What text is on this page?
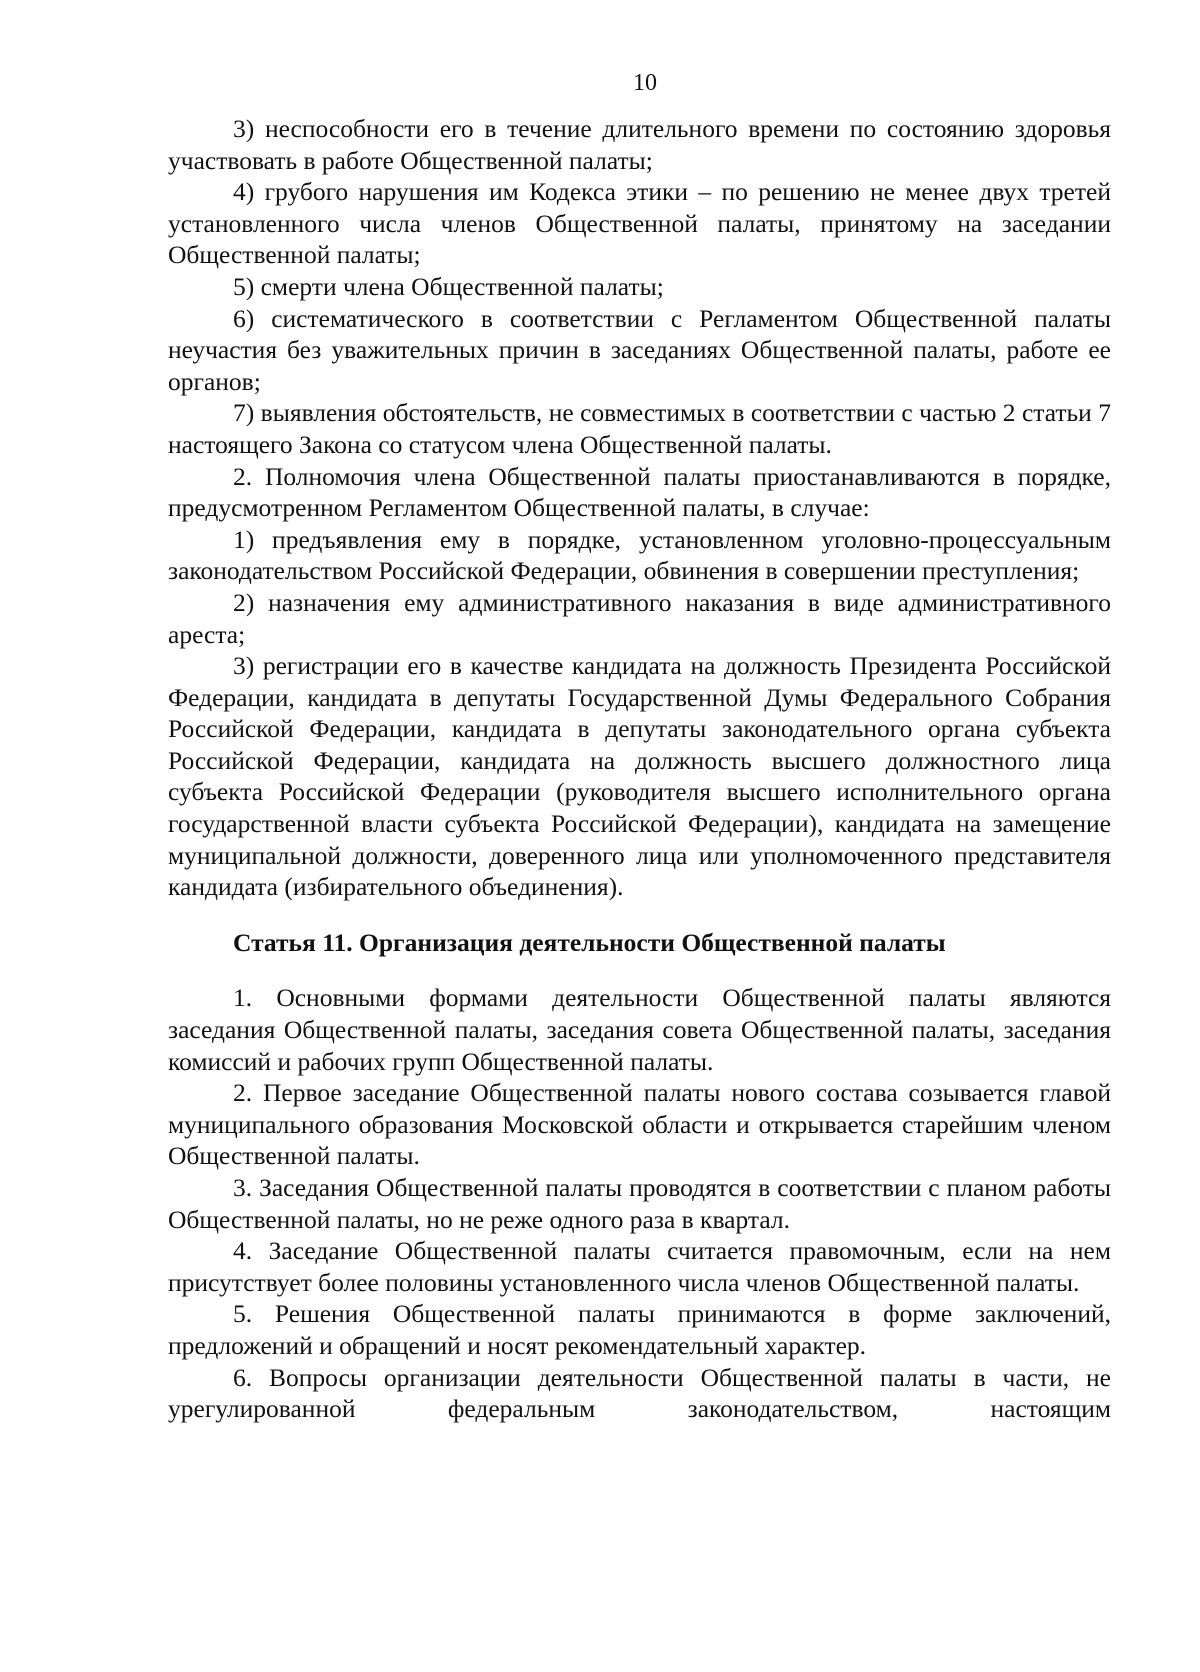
10

3) неспособности его в течение длительного времени по состоянию здоровья участвовать в работе Общественной палаты;

4) грубого нарушения им Кодекса этики – по решению не менее двух третей установленного числа членов Общественной палаты, принятому на заседании Общественной палаты;

5) смерти члена Общественной палаты;

6) систематического в соответствии с Регламентом Общественной палаты неучастия без уважительных причин в заседаниях Общественной палаты, работе ее органов;

7) выявления обстоятельств, не совместимых в соответствии с частью 2 статьи 7 настоящего Закона со статусом члена Общественной палаты.

2. Полномочия члена Общественной палаты приостанавливаются в порядке, предусмотренном Регламентом Общественной палаты, в случае:

1) предъявления ему в порядке, установленном уголовно-процессуальным законодательством Российской Федерации, обвинения в совершении преступления;

2) назначения ему административного наказания в виде административного ареста;

3) регистрации его в качестве кандидата на должность Президента Российской Федерации, кандидата в депутаты Государственной Думы Федерального Собрания Российской Федерации, кандидата в депутаты законодательного органа субъекта Российской Федерации, кандидата на должность высшего должностного лица субъекта Российской Федерации (руководителя высшего исполнительного органа государственной власти субъекта Российской Федерации), кандидата на замещение муниципальной должности, доверенного лица или уполномоченного представителя кандидата (избирательного объединения).

Статья 11. Организация деятельности Общественной палаты

1. Основными формами деятельности Общественной палаты являются заседания Общественной палаты, заседания совета Общественной палаты, заседания комиссий и рабочих групп Общественной палаты.

2. Первое заседание Общественной палаты нового состава созывается главой муниципального образования Московской области и открывается старейшим членом Общественной палаты.

3. Заседания Общественной палаты проводятся в соответствии с планом работы Общественной палаты, но не реже одного раза в квартал.

4. Заседание Общественной палаты считается правомочным, если на нем присутствует более половины установленного числа членов Общественной палаты.

5. Решения Общественной палаты принимаются в форме заключений, предложений и обращений и носят рекомендательный характер.

6. Вопросы организации деятельности Общественной палаты в части, не урегулированной федеральным законодательством, настоящим
